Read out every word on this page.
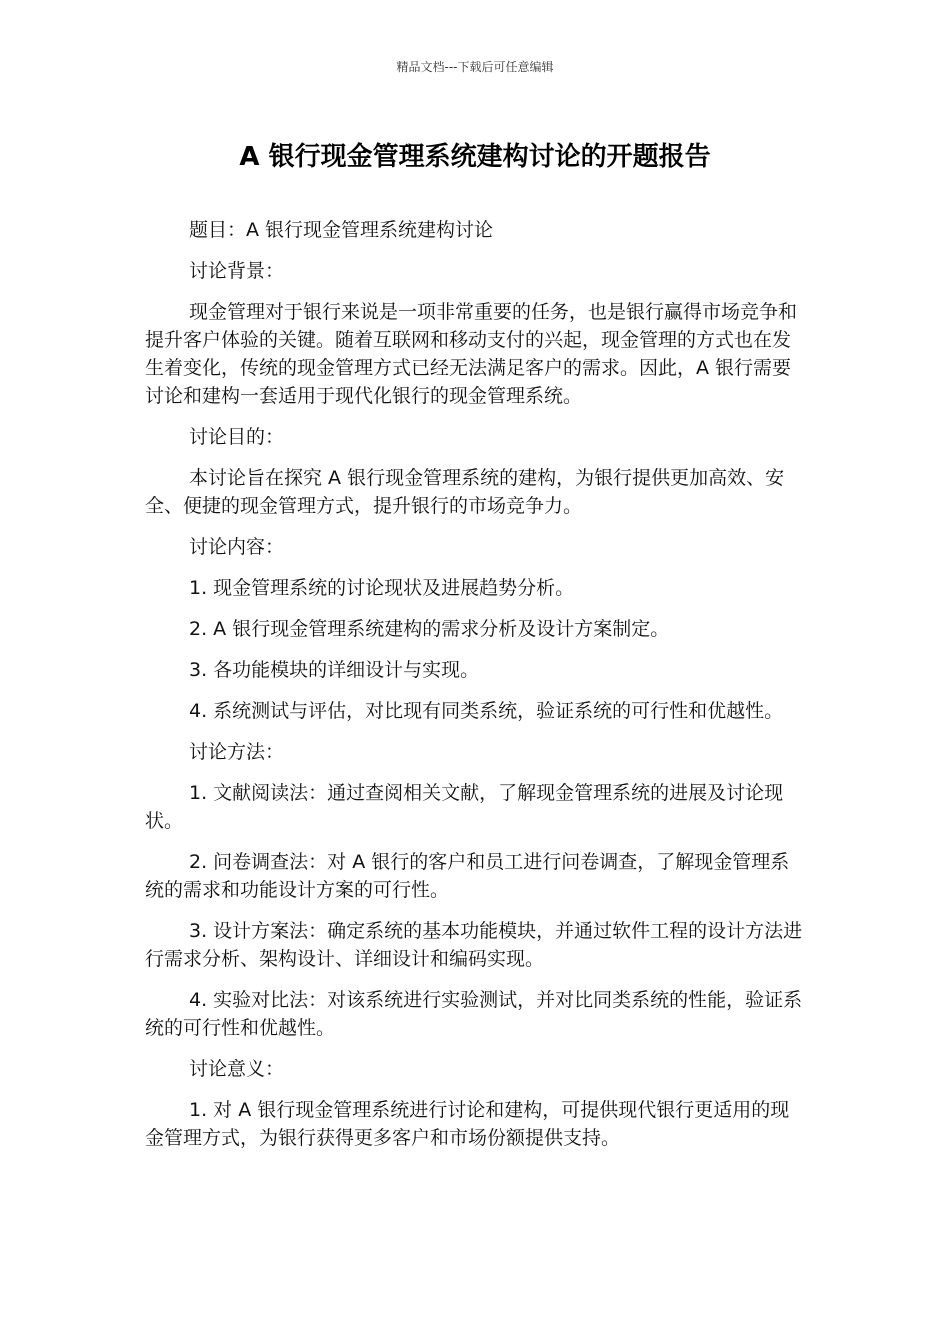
精品文档---下载后可任意编辑
A 银行现金管理系统建构讨论的开题报告

题目：A 银行现金管理系统建构讨论

讨论背景：

现金管理对于银行来说是一项非常重要的任务，也是银行赢得市场竞争和提升客户体验的关键。随着互联网和移动支付的兴起，现金管理的方式也在发生着变化，传统的现金管理方式已经无法满足客户的需求。因此，A 银行需要讨论和建构一套适用于现代化银行的现金管理系统。

讨论目的：

本讨论旨在探究 A 银行现金管理系统的建构，为银行提供更加高效、安全、便捷的现金管理方式，提升银行的市场竞争力。

讨论内容：

1. 现金管理系统的讨论现状及进展趋势分析。

2. A 银行现金管理系统建构的需求分析及设计方案制定。

3. 各功能模块的详细设计与实现。

4. 系统测试与评估，对比现有同类系统，验证系统的可行性和优越性。

讨论方法：

1. 文献阅读法：通过查阅相关文献，了解现金管理系统的进展及讨论现状。

2. 问卷调查法：对 A 银行的客户和员工进行问卷调查，了解现金管理系统的需求和功能设计方案的可行性。

3. 设计方案法：确定系统的基本功能模块，并通过软件工程的设计方法进行需求分析、架构设计、详细设计和编码实现。

4. 实验对比法：对该系统进行实验测试，并对比同类系统的性能，验证系统的可行性和优越性。

讨论意义：

1. 对 A 银行现金管理系统进行讨论和建构，可提供现代银行更适用的现金管理方式，为银行获得更多客户和市场份额提供支持。
